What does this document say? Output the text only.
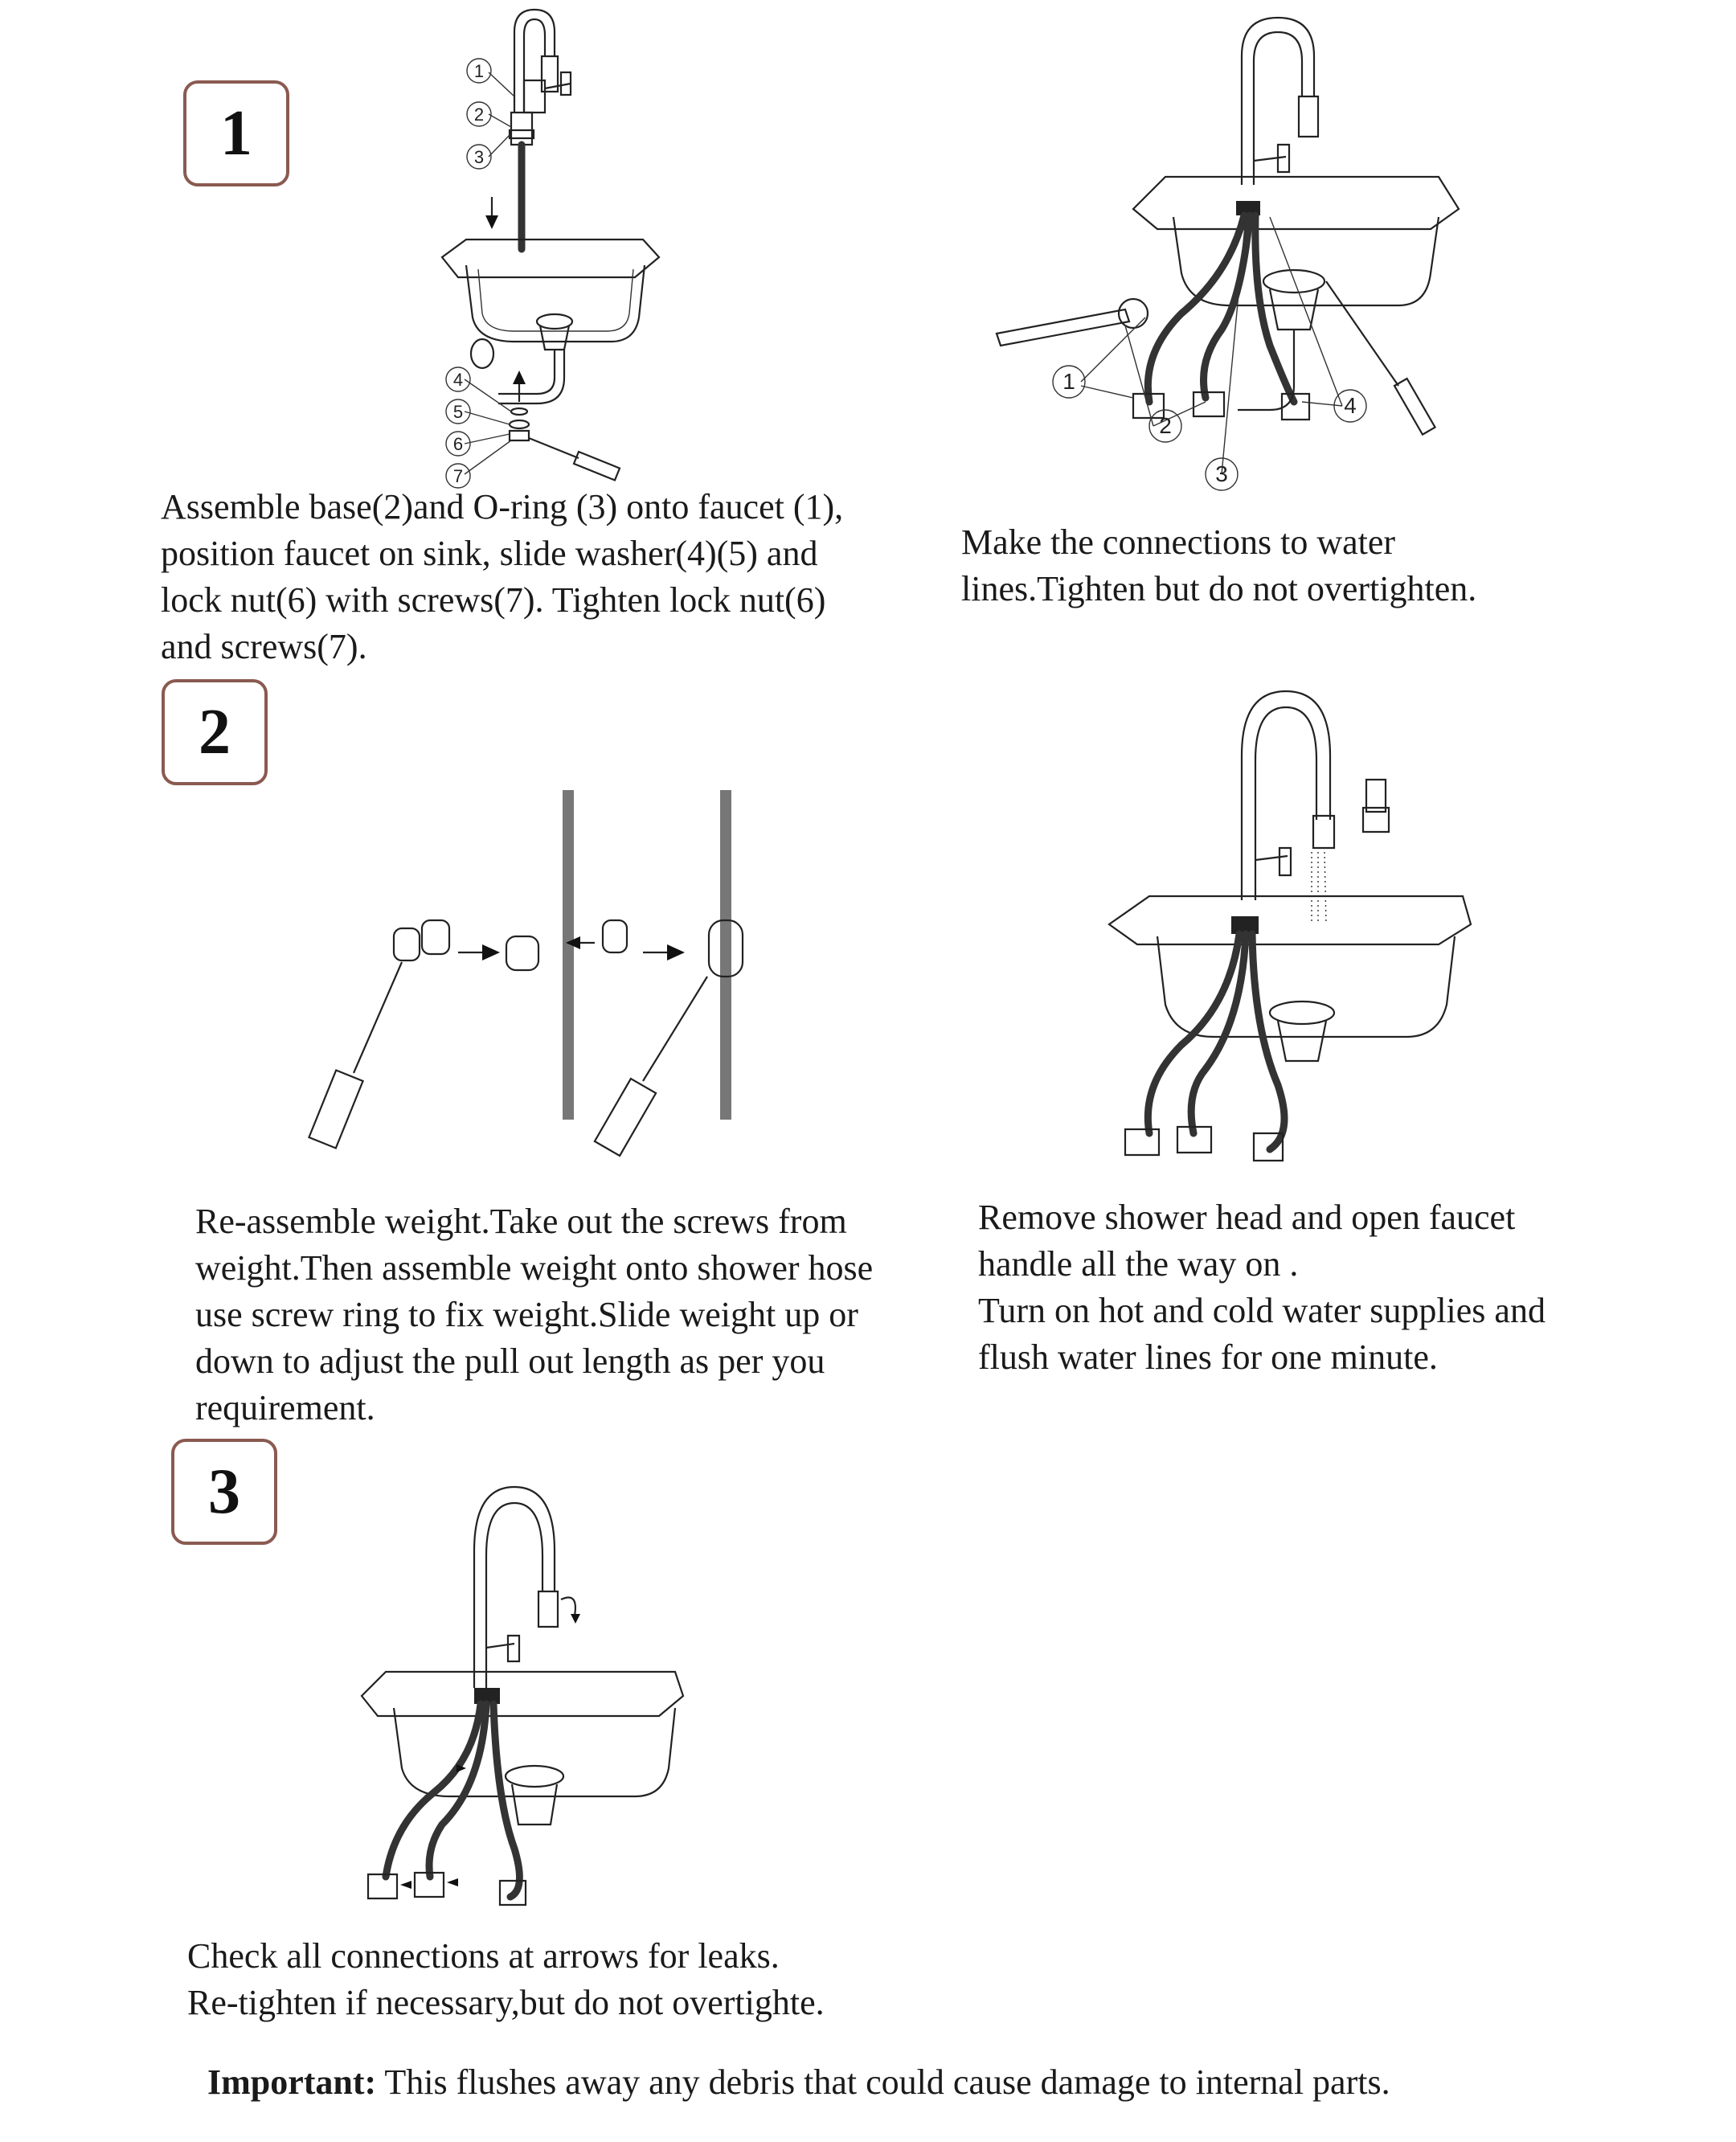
1
2
3
1
2
3
4
5
6
7
1
2
3
4

Assemble base(2)and O-ring (3) onto faucet (1),
position faucet on sink, slide washer(4)(5) and
lock nut(6) with screws(7). Tighten lock nut(6)
and screws(7).

Make the connections to water
lines.Tighten but do not overtighten.

Re-assemble weight.Take out the screws from
weight.Then assemble weight onto shower hose
use screw ring to fix weight.Slide weight up or
down to adjust the pull out length as per you
requirement.

Remove shower head and open faucet
handle all the way on .
Turn on hot and cold water supplies and
flush water lines for one minute.

Check all connections at arrows for leaks.
Re-tighten if necessary,but do not overtighte.

Important: This flushes away any debris that could cause damage to internal parts.
